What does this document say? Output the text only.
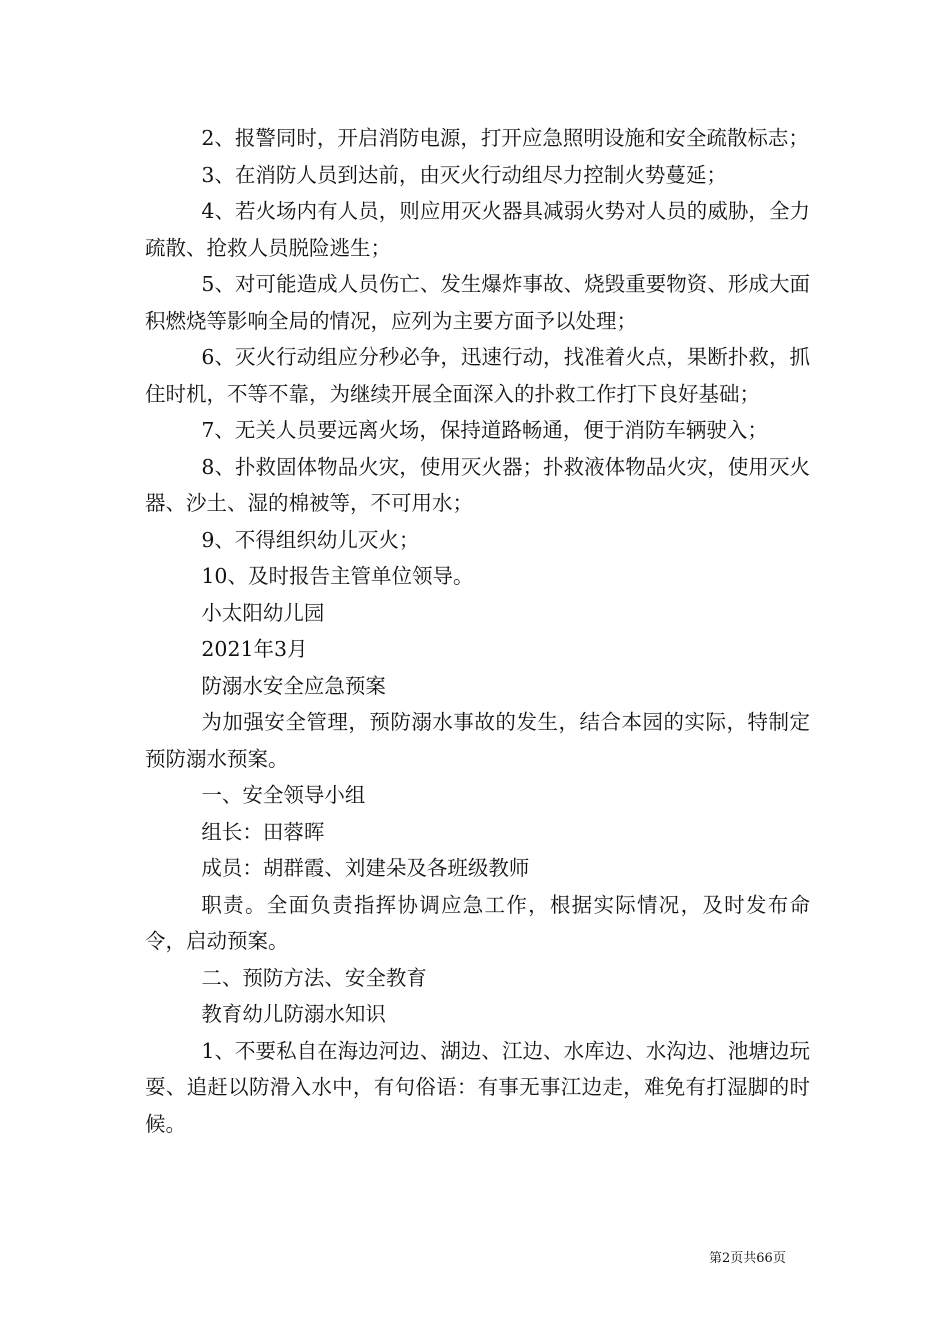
2、报警同时，开启消防电源，打开应急照明设施和安全疏散标志；

3、在消防人员到达前，由灭火行动组尽力控制火势蔓延；

4、若火场内有人员，则应用灭火器具减弱火势对人员的威胁，全力疏散、抢救人员脱险逃生；

5、对可能造成人员伤亡、发生爆炸事故、烧毁重要物资、形成大面积燃烧等影响全局的情况，应列为主要方面予以处理；

6、灭火行动组应分秒必争，迅速行动，找准着火点，果断扑救，抓住时机，不等不靠，为继续开展全面深入的扑救工作打下良好基础；

7、无关人员要远离火场，保持道路畅通，便于消防车辆驶入；

8、扑救固体物品火灾，使用灭火器；扑救液体物品火灾，使用灭火器、沙土、湿的棉被等，不可用水；

9、不得组织幼儿灭火；

10、及时报告主管单位领导。

小太阳幼儿园

2021年3月

防溺水安全应急预案

为加强安全管理，预防溺水事故的发生，结合本园的实际，特制定预防溺水预案。

一、安全领导小组

组长：田蓉晖

成员：胡群霞、刘建朵及各班级教师

职责。全面负责指挥协调应急工作，根据实际情况，及时发布命令，启动预案。

二、预防方法、安全教育

教育幼儿防溺水知识

1、不要私自在海边河边、湖边、江边、水库边、水沟边、池塘边玩耍、追赶以防滑入水中，有句俗语：有事无事江边走，难免有打湿脚的时候。

第2页共66页
